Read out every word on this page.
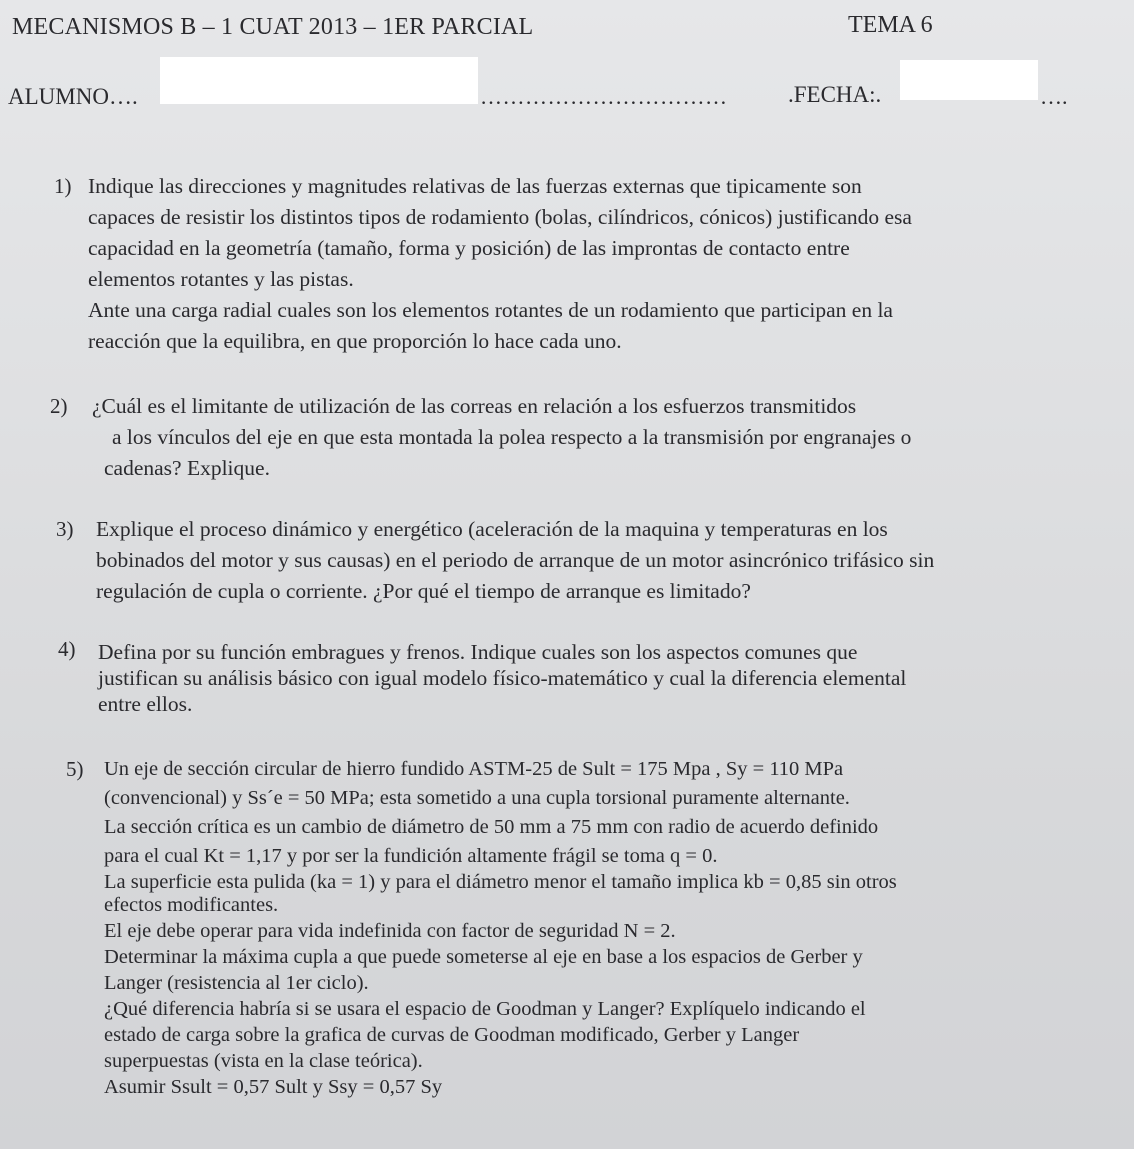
MECANISMOS B – 1 CUAT 2013 – 1ER PARCIAL	TEMA 6
ALUMNO….	……………………………	.FECHA:.	….
1) Indique las direcciones y magnitudes relativas de las fuerzas externas que tipicamente son

capaces de resistir los distintos tipos de rodamiento (bolas, cilíndricos, cónicos) justificando esa

capacidad en la geometría (tamaño, forma y posición) de las improntas de contacto entre

elementos rotantes y las pistas.

Ante una carga radial cuales son los elementos rotantes de un rodamiento que participan en la

reacción que la equilibra, en que proporción lo hace cada uno.

2) ¿Cuál es el limitante de utilización de las correas en relación a los esfuerzos transmitidos

a los vínculos del eje en que esta montada la polea respecto a la transmisión por engranajes o

cadenas? Explique.

3) Explique el proceso dinámico y energético (aceleración de la maquina y temperaturas en los

bobinados del motor y sus causas) en el periodo de arranque de un motor asincrónico trifásico sin

regulación de cupla o corriente. ¿Por qué el tiempo de arranque es limitado?

4) Defina por su función embragues y frenos. Indique cuales son los aspectos comunes que

justifican su análisis básico con igual modelo físico-matemático y cual la diferencia elemental

entre ellos.

5) Un eje de sección circular de hierro fundido ASTM-25 de Sult = 175 Mpa , Sy = 110 MPa

(convencional) y Ss´e = 50 MPa; esta sometido a una cupla torsional puramente alternante.

La sección crítica es un cambio de diámetro de 50 mm a 75 mm con radio de acuerdo definido

para el cual Kt = 1,17 y por ser la fundición altamente frágil se toma q = 0.

La superficie esta pulida (ka = 1) y para el diámetro menor el tamaño implica kb = 0,85 sin otros

efectos modificantes.

El eje debe operar para vida indefinida con factor de seguridad N = 2.

Determinar la máxima cupla a que puede someterse al eje en base a los espacios de Gerber y

Langer (resistencia al 1er ciclo).

¿Qué diferencia habría si se usara el espacio de Goodman y Langer? Explíquelo indicando el

estado de carga sobre la grafica de curvas de Goodman modificado, Gerber y Langer

superpuestas (vista en la clase teórica).

Asumir Ssult = 0,57 Sult y Ssy = 0,57 Sy
